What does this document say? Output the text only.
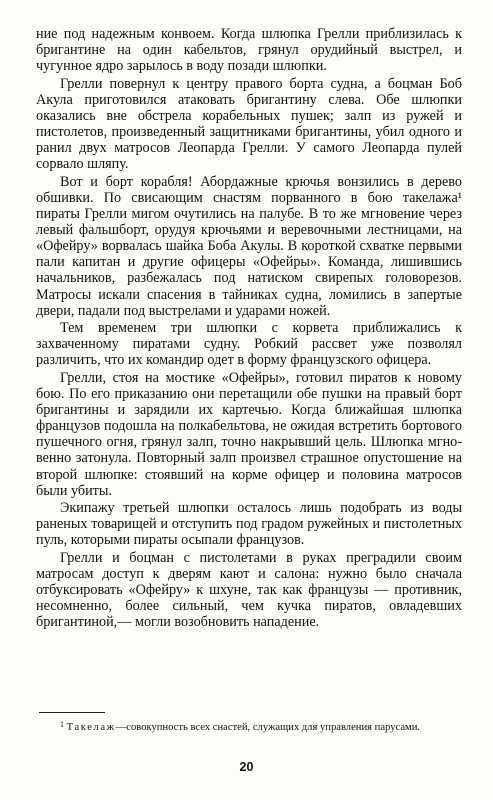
ние под надежным конвоем. Когда шлюпка Грелли приблизилась к бригантине на один кабельтов, грянул орудийный выстрел, и чугунное ядро зарылось в воду позади шлюпки.

Грелли повернул к центру правого борта судна, а боцман Боб Акула приготовился атаковать бригантину слева. Обе шлюпки оказались вне обстрела корабельных пушек; залп из ружей и пистолетов, произведенный защитниками бригантины, убил одного и ранил двух матросов Леопарда Грелли. У самого Леопарда пулей сорвало шляпу.

Вот и борт корабля! Абордажные крючья вонзились в дерево обшивки. По свисающим снастям порванного в бою такелажа¹ пираты Грелли мигом очутились на палубе. В то же мгновение через левый фальшборт, орудуя крючьями и веревочными лестницами, на «Офейру» ворвалась шайка Боба Акулы. В короткой схватке первыми пали капитан и другие офицеры «Офейры». Команда, лишившись начальников, разбежалась под натиском свирепых головорезов. Матросы искали спасения в тайниках судна, ломились в запертые двери, падали под выстрелами и ударами ножей.

Тем временем три шлюпки с корвета приближались к захваченному пиратами судну. Робкий рассвет уже позволял различить, что их командир одет в форму французского офицера.

Грелли, стоя на мостике «Офейры», готовил пиратов к новому бою. По его приказанию они перетащили обе пушки на правый борт бригантины и зарядили их картечью. Когда ближайшая шлюпка французов подошла на полкабельтова, не ожидая встретить бортового пушечного огня, грянул залп, точно накрывший цель. Шлюпка мгновенно затонула. Повторный залп произвел страшное опустошение на второй шлюпке: стоявший на корме офицер и половина матросов были убиты.

Экипажу третьей шлюпки осталось лишь подобрать из воды раненых товарищей и отступить под градом ружейных и пистолетных пуль, которыми пираты осыпали французов.

Грелли и боцман с пистолетами в руках преградили своим матросам доступ к дверям кают и салона: нужно было сначала отбуксировать «Офейру» к шхуне, так как французы — противник, несомненно, более сильный, чем кучка пиратов, овладевших бригантиной,— могли возобновить нападение.

$^1$ Такелаж—совокупность всех снастей, служащих для управления парусами.

20
